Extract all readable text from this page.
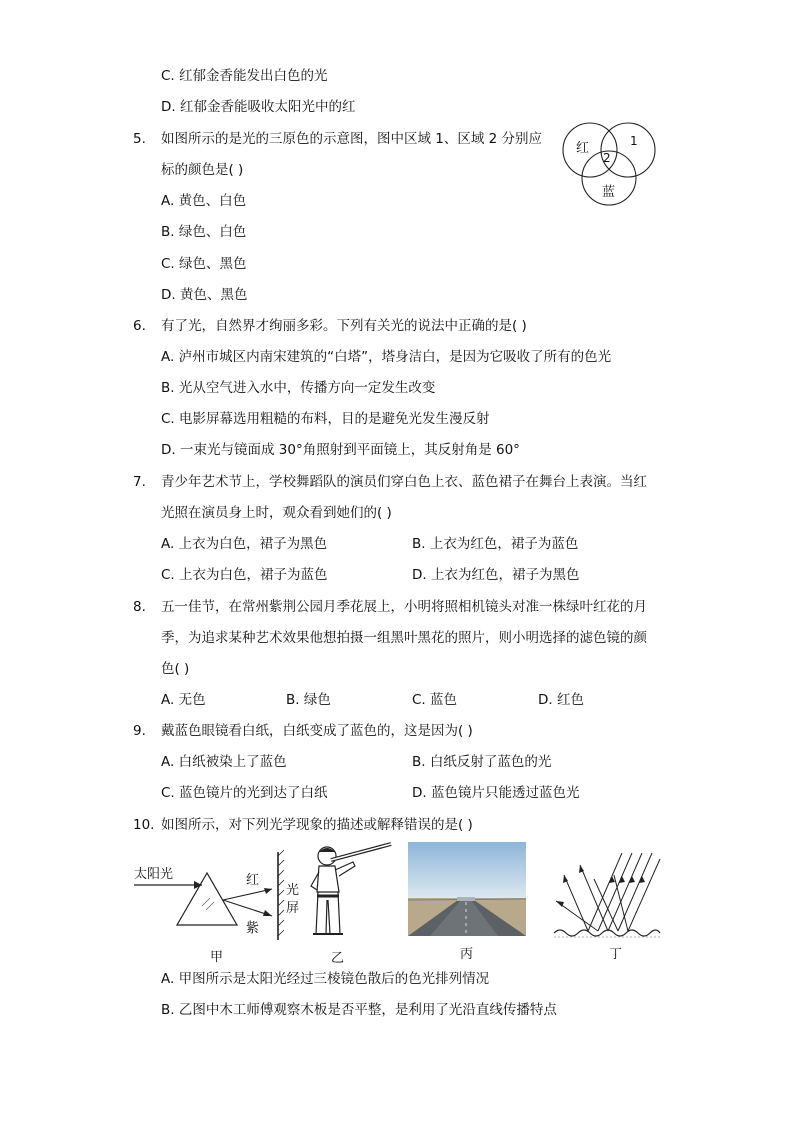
C. 红郁金香能发出白色的光
D. 红郁金香能吸收太阳光中的红
5. 如图所示的是光的三原色的示意图，图中区域 1、区域 2 分别应
标的颜色是( )
A. 黄色、白色
B. 绿色、白色
C. 绿色、黑色
D. 黄色、黑色
红	1
2
蓝
6. 有了光，自然界才绚丽多彩。下列有关光的说法中正确的是( )
A. 泸州市城区内南宋建筑的“白塔”，塔身洁白，是因为它吸收了所有的色光
B. 光从空气进入水中，传播方向一定发生改变
C. 电影屏幕选用粗糙的布料，目的是避免光发生漫反射
D. 一束光与镜面成 30°角照射到平面镜上，其反射角是 60°
7. 青少年艺术节上，学校舞蹈队的演员们穿白色上衣、蓝色裙子在舞台上表演。当红
光照在演员身上时，观众看到她们的( )
A. 上衣为白色，裙子为黑色	B. 上衣为红色，裙子为蓝色
C. 上衣为白色，裙子为蓝色	D. 上衣为红色，裙子为黑色
8. 五一佳节，在常州紫荆公园月季花展上，小明将照相机镜头对准一株绿叶红花的月
季，为追求某种艺术效果他想拍摄一组黑叶黑花的照片，则小明选择的滤色镜的颜
色( )
A. 无色	B. 绿色	C. 蓝色	D. 红色
9. 戴蓝色眼镜看白纸，白纸变成了蓝色的，这是因为( )
A. 白纸被染上了蓝色	B. 白纸反射了蓝色的光
C. 蓝色镜片的光到达了白纸	D. 蓝色镜片只能透过蓝色光
10. 如图所示，对下列光学现象的描述或解释错误的是( )
太阳光	红
紫
光
屏
甲	乙	丙	丁
A. 甲图所示是太阳光经过三棱镜色散后的色光排列情况
B. 乙图中木工师傅观察木板是否平整，是利用了光沿直线传播特点
